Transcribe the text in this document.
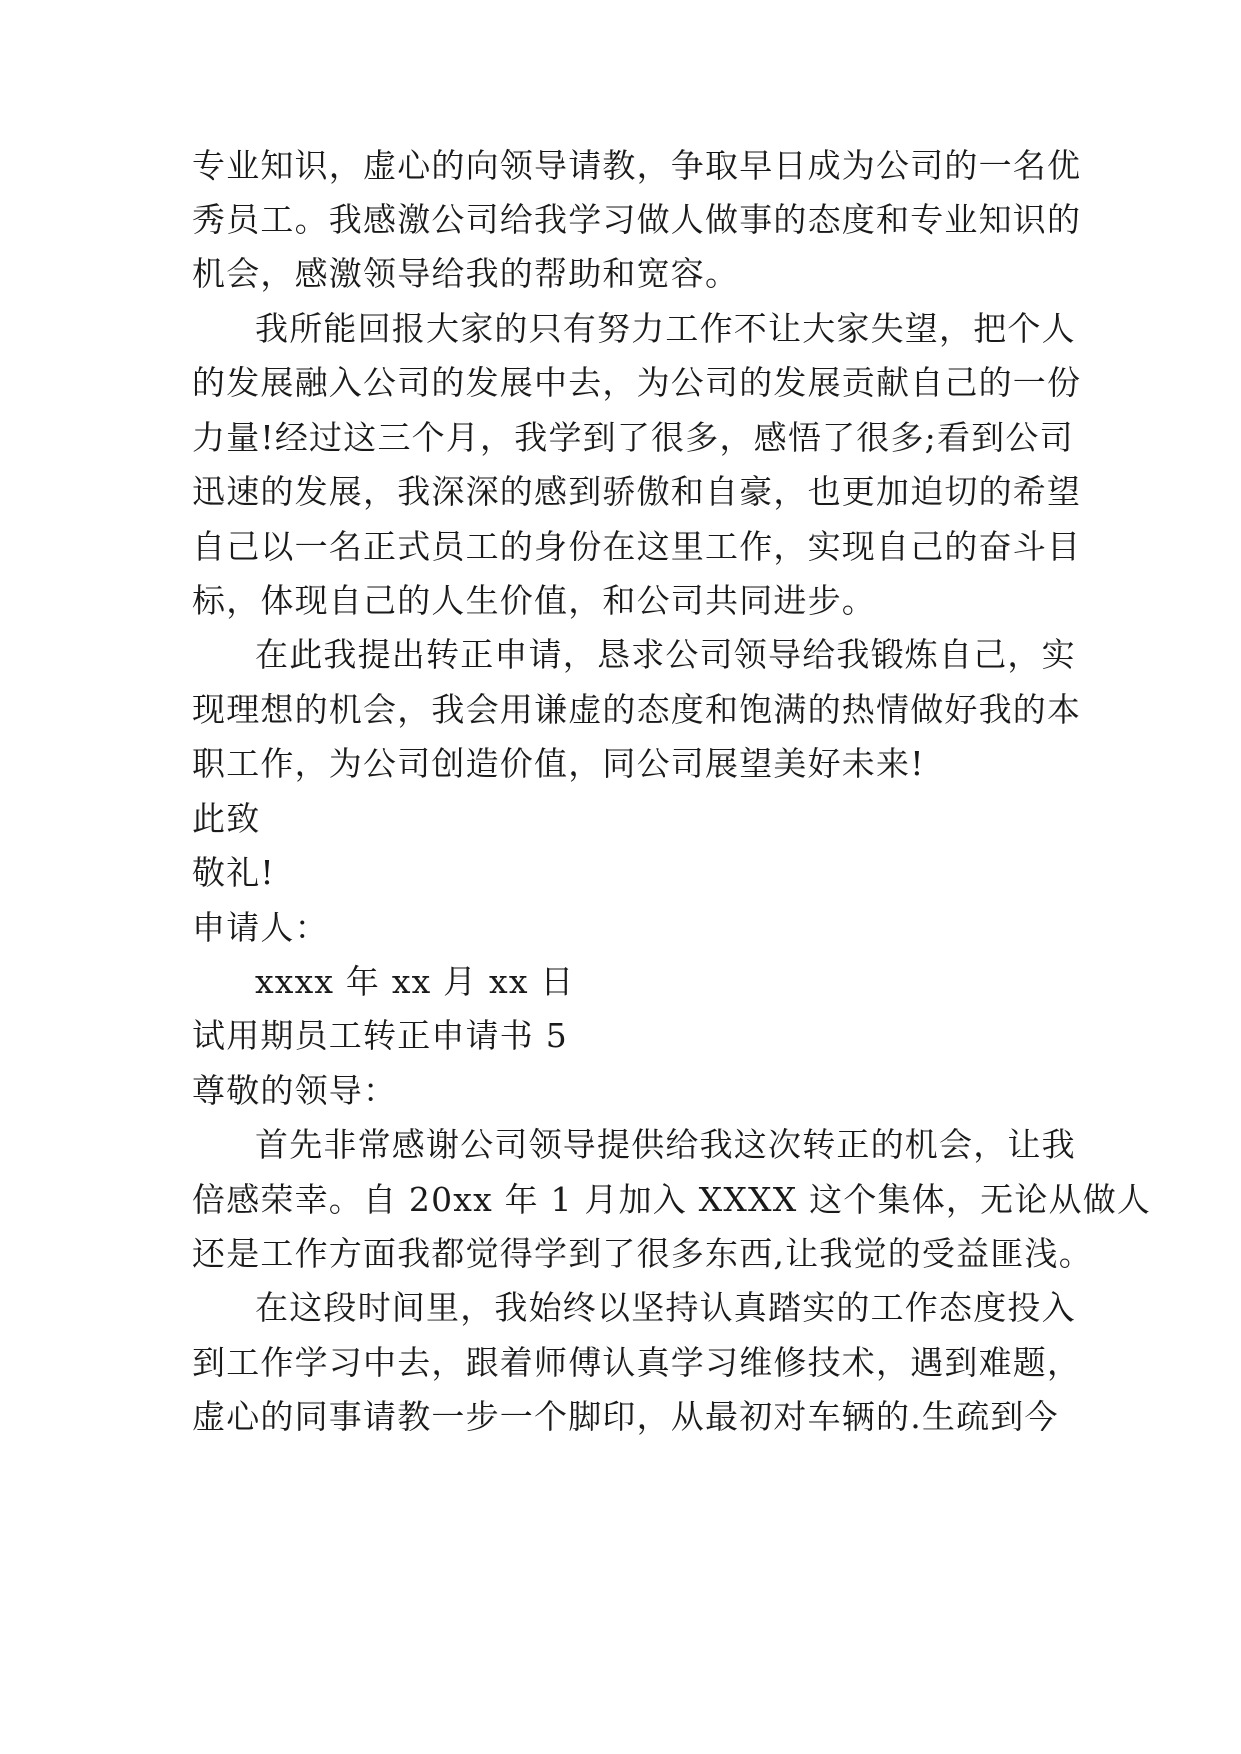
专业知识，虚心的向领导请教，争取早日成为公司的一名优
秀员工。我感激公司给我学习做人做事的态度和专业知识的
机会，感激领导给我的帮助和宽容。
我所能回报大家的只有努力工作不让大家失望，把个人
的发展融入公司的发展中去，为公司的发展贡献自己的一份
力量!经过这三个月，我学到了很多，感悟了很多;看到公司
迅速的发展，我深深的感到骄傲和自豪，也更加迫切的希望
自己以一名正式员工的身份在这里工作，实现自己的奋斗目
标，体现自己的人生价值，和公司共同进步。
在此我提出转正申请，恳求公司领导给我锻炼自己，实
现理想的机会，我会用谦虚的态度和饱满的热情做好我的本
职工作，为公司创造价值，同公司展望美好未来!
此致
敬礼!
申请人：
xxxx 年 xx 月 xx 日
试用期员工转正申请书 5
尊敬的领导：
首先非常感谢公司领导提供给我这次转正的机会，让我
倍感荣幸。自 20xx 年 1 月加入 XXXX 这个集体，无论从做人
还是工作方面我都觉得学到了很多东西,让我觉的受益匪浅。
在这段时间里，我始终以坚持认真踏实的工作态度投入
到工作学习中去，跟着师傅认真学习维修技术，遇到难题，
虚心的同事请教一步一个脚印，从最初对车辆的.生疏到今
